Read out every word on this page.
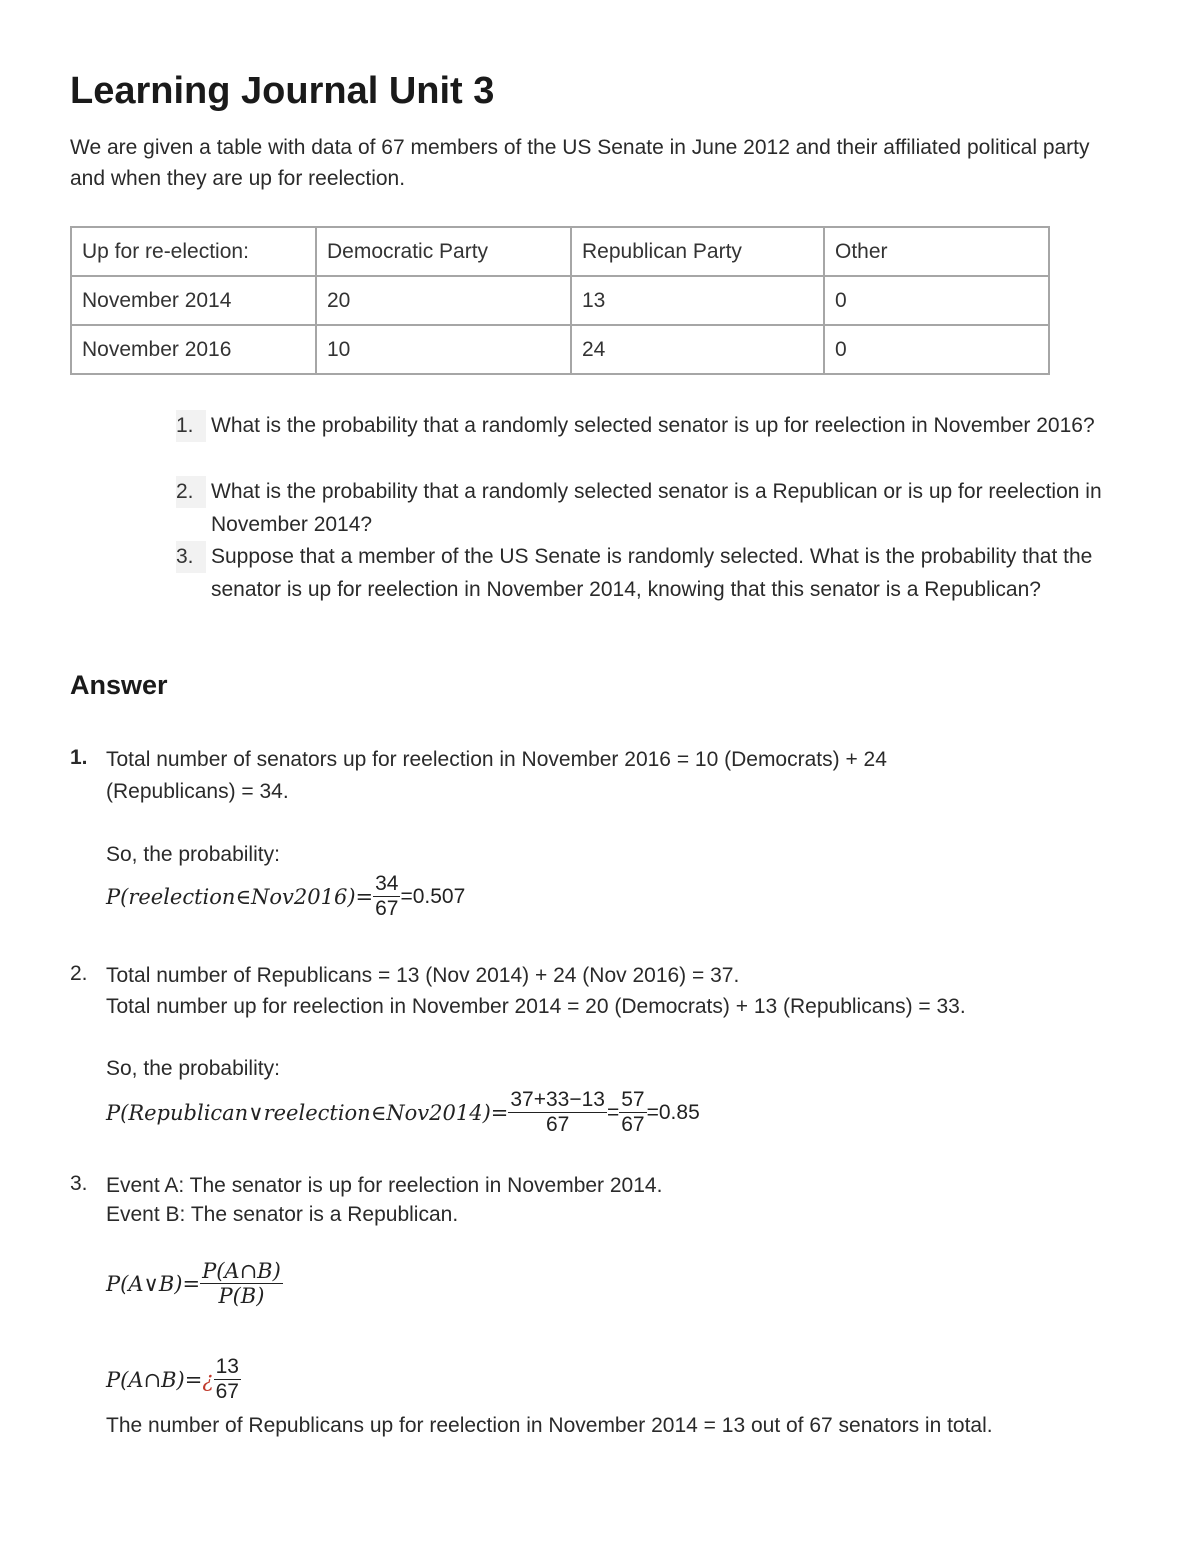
Learning Journal Unit 3
We are given a table with data of 67 members of the US Senate in June 2012 and their affiliated political party and when they are up for reelection.
Up for re-election:	Democratic Party	Republican Party	Other
November 2014	20	13	0
November 2016	10	24	0
1. What is the probability that a randomly selected senator is up for reelection in November 2016?
2. What is the probability that a randomly selected senator is a Republican or is up for reelection in November 2014?
3. Suppose that a member of the US Senate is randomly selected. What is the probability that the senator is up for reelection in November 2014, knowing that this senator is a Republican?
Answer
1. Total number of senators up for reelection in November 2016 = 10 (Democrats) + 24 (Republicans) = 34.
So, the probability:
P(reelection∈Nov2016)= $\frac{34}{67} =0.507$
2. Total number of Republicans = 13 (Nov 2014) + 24 (Nov 2016) = 37.
Total number up for reelection in November 2014 = 20 (Democrats) + 13 (Republicans) = 33.
So, the probability:
P(Republican∨reelection∈Nov2014)= $\frac{37+33-13}{67} = \frac{57}{67} =0.85$
3. Event A: The senator is up for reelection in November 2014.
Event B: The senator is a Republican.
P(A∨B)= $\frac{P(A\cap B)}{P(B)}$
P(A∩B)=¿ $\frac{13}{67}$
The number of Republicans up for reelection in November 2014 = 13 out of 67 senators in total.
